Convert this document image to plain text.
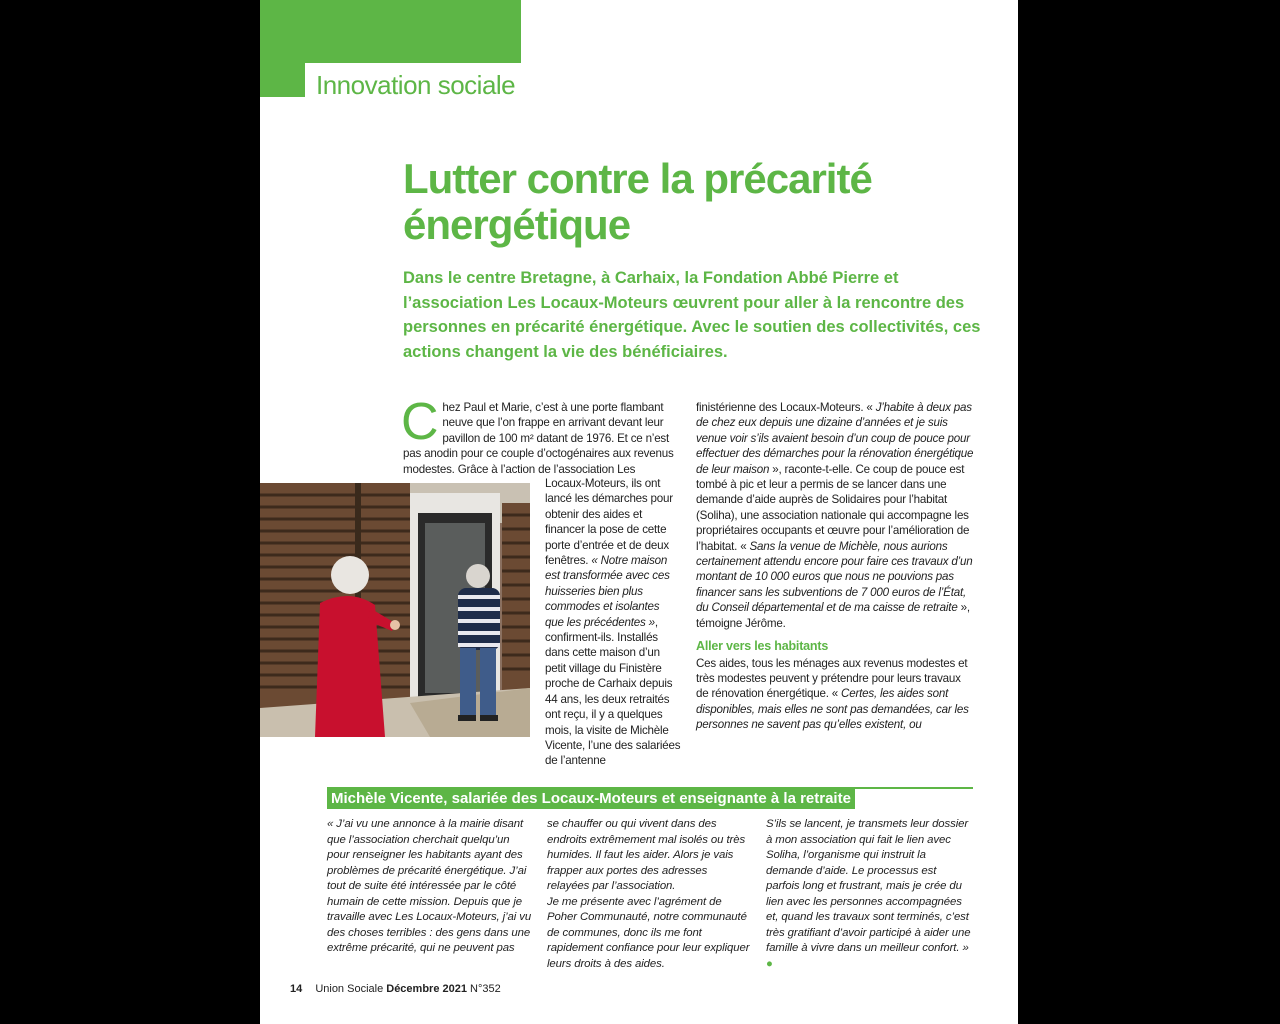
Innovation sociale
Lutter contre la précarité
énergétique

Dans le centre Bretagne, à Carhaix, la Fondation Abbé Pierre et l’association Les Locaux-Moteurs œuvrent pour aller à la rencontre des personnes en précarité énergétique. Avec le soutien des collectivités, ces actions changent la vie des bénéficiaires.

C hez Paul et Marie, c’est à une porte flambant neuve que l’on frappe en arrivant devant leur pavillon de 100 m² datant de 1976. Et ce n’est pas anodin pour ce couple d’octogénaires aux revenus modestes. Grâce à l’action de l’association Les

Locaux-Moteurs, ils ont lancé les démarches pour obtenir des aides et financer la pose de cette porte d’entrée et de deux fenêtres. « Notre maison est transformée avec ces huisseries bien plus commodes et isolantes que les précédentes », confirment-ils. Installés dans cette maison d’un petit village du Finistère proche de Carhaix depuis 44 ans, les deux retraités ont reçu, il y a quelques mois, la visite de Michèle Vicente, l’une des salariées de l’antenne

finistérienne des Locaux-Moteurs. « J’habite à deux pas de chez eux depuis une dizaine d’années et je suis venue voir s’ils avaient besoin d’un coup de pouce pour effectuer des démarches pour la rénovation énergétique de leur maison », raconte-t-elle. Ce coup de pouce est tombé à pic et leur a permis de se lancer dans une demande d’aide auprès de Solidaires pour l’habitat (Soliha), une association nationale qui accompagne les propriétaires occupants et œuvre pour l’amélioration de l’habitat. « Sans la venue de Michèle, nous aurions certainement attendu encore pour faire ces travaux d’un montant de 10 000 euros que nous ne pouvions pas financer sans les subventions de 7 000 euros de l’État, du Conseil départemental et de ma caisse de retraite », témoigne Jérôme.

Aller vers les habitants

Ces aides, tous les ménages aux revenus modestes et très modestes peuvent y prétendre pour leurs travaux de rénovation énergétique. « Certes, les aides sont disponibles, mais elles ne sont pas demandées, car les personnes ne savent pas qu’elles existent, ou

Michèle Vicente, salariée des Locaux-Moteurs et enseignante à la retraite

« J’ai vu une annonce à la mairie disant que l’association cherchait quelqu’un pour renseigner les habitants ayant des problèmes de précarité énergétique. J’ai tout de suite été intéressée par le côté humain de cette mission. Depuis que je travaille avec Les Locaux-Moteurs, j’ai vu des choses terribles : des gens dans une extrême précarité, qui ne peuvent pas

se chauffer ou qui vivent dans des endroits extrêmement mal isolés ou très humides. Il faut les aider. Alors je vais frapper aux portes des adresses relayées par l’association.

Je me présente avec l’agrément de Poher Communauté, notre communauté de communes, donc ils me font rapidement confiance pour leur expliquer leurs droits à des aides.

S’ils se lancent, je transmets leur dossier à mon association qui fait le lien avec Soliha, l’organisme qui instruit la demande d’aide. Le processus est parfois long et frustrant, mais je crée du lien avec les personnes accompagnées et, quand les travaux sont terminés, c’est très gratifiant d’avoir participé à aider une famille à vivre dans un meilleur confort. » ●

14 Union Sociale Décembre 2021 N°352
